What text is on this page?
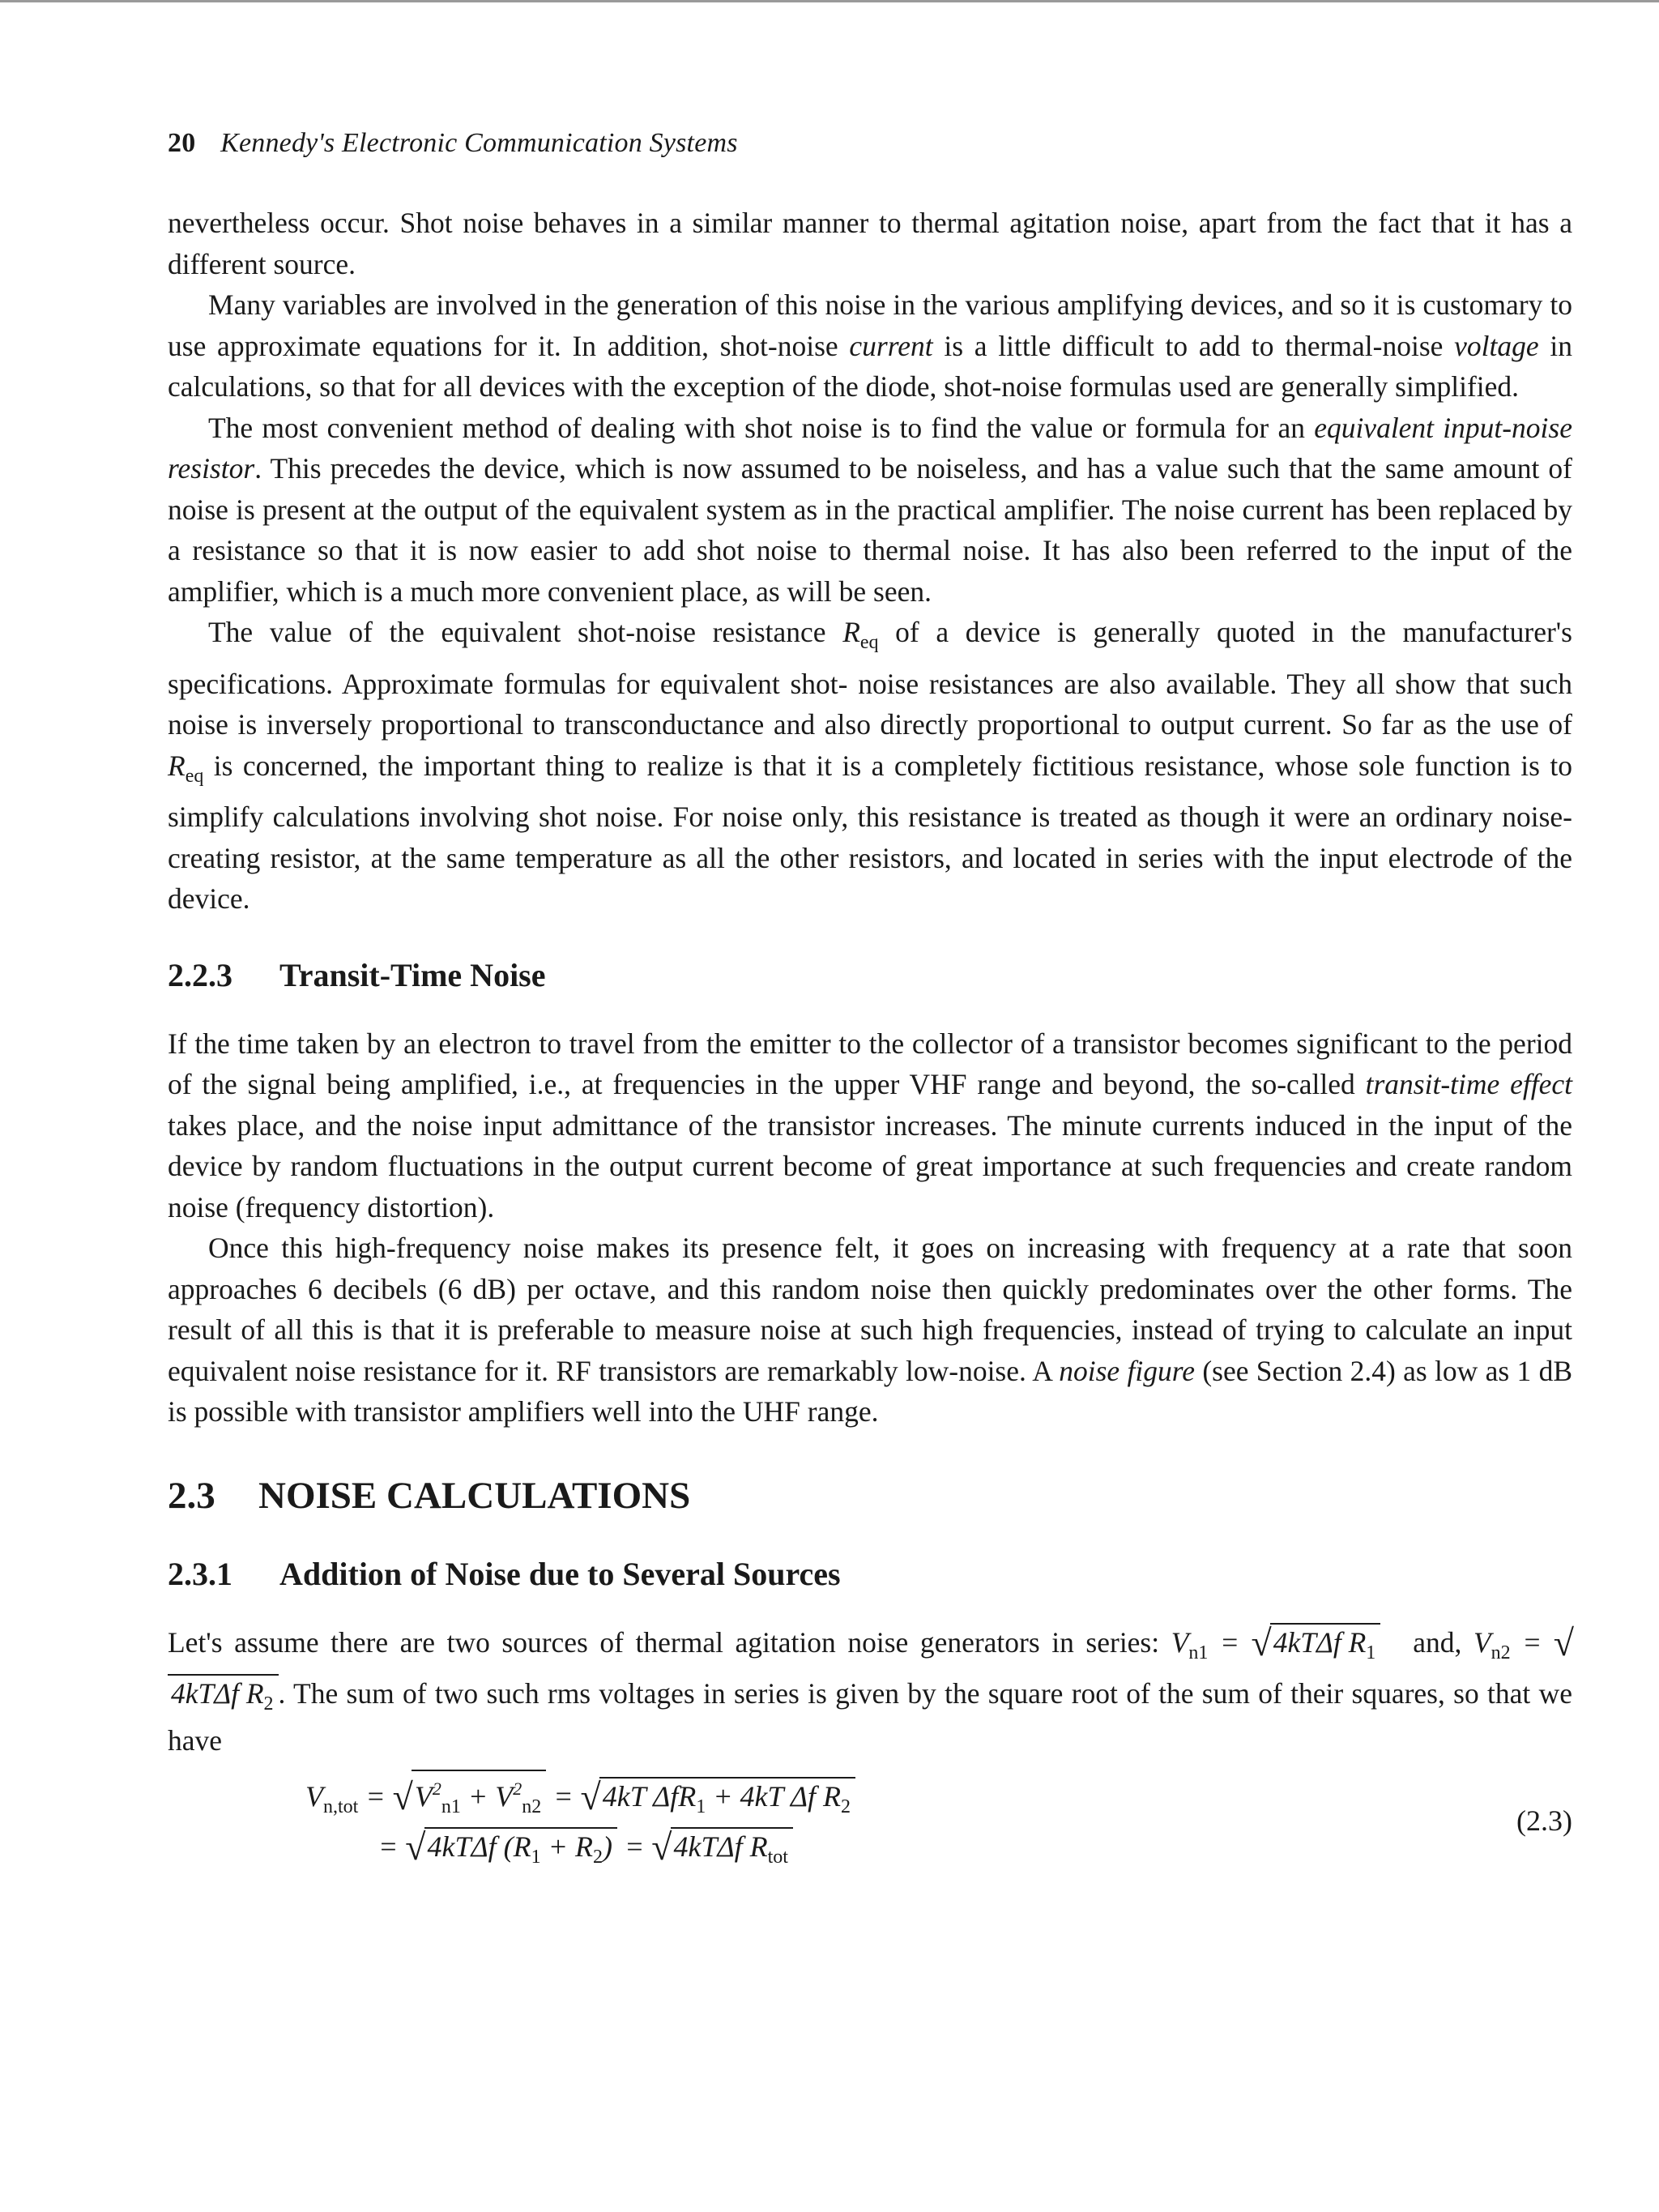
20 Kennedy's Electronic Communication Systems

nevertheless occur. Shot noise behaves in a similar manner to thermal agitation noise, apart from the fact that it has a different source.

Many variables are involved in the generation of this noise in the various amplifying devices, and so it is customary to use approximate equations for it. In addition, shot-noise current is a little difficult to add to thermal-noise voltage in calculations, so that for all devices with the exception of the diode, shot-noise formulas used are generally simplified.

The most convenient method of dealing with shot noise is to find the value or formula for an equivalent input-noise resistor. This precedes the device, which is now assumed to be noiseless, and has a value such that the same amount of noise is present at the output of the equivalent system as in the practical amplifier. The noise current has been replaced by a resistance so that it is now easier to add shot noise to thermal noise. It has also been referred to the input of the amplifier, which is a much more convenient place, as will be seen.

The value of the equivalent shot-noise resistance $R_{eq}$ of a device is generally quoted in the manufacturer's specifications. Approximate formulas for equivalent shot- noise resistances are also available. They all show that such noise is inversely proportional to transconductance and also directly proportional to output current. So far as the use of $R_{eq}$ is concerned, the important thing to realize is that it is a completely fictitious resistance, whose sole function is to simplify calculations involving shot noise. For noise only, this resistance is treated as though it were an ordinary noise-creating resistor, at the same temperature as all the other resistors, and located in series with the input electrode of the device.

2.2.3 Transit-Time Noise

If the time taken by an electron to travel from the emitter to the collector of a transistor becomes significant to the period of the signal being amplified, i.e., at frequencies in the upper VHF range and beyond, the so-called transit-time effect takes place, and the noise input admittance of the transistor increases. The minute currents induced in the input of the device by random fluctuations in the output current become of great importance at such frequencies and create random noise (frequency distortion).

Once this high-frequency noise makes its presence felt, it goes on increasing with frequency at a rate that soon approaches 6 decibels (6 dB) per octave, and this random noise then quickly predominates over the other forms. The result of all this is that it is preferable to measure noise at such high frequencies, instead of trying to calculate an input equivalent noise resistance for it. RF transistors are remarkably low-noise. A noise figure (see Section 2.4) as low as 1 dB is possible with transistor amplifiers well into the UHF range.

2.3 NOISE CALCULATIONS
2.3.1 Addition of Noise due to Several Sources

Let's assume there are two sources of thermal agitation noise generators in series: $V_{n1} = √4kT\Delta f$ $R_1$ and, $V_{n2} = √4kT\Delta f$ $R_2$ . The sum of two such rms voltages in series is given by the square root of the sum of their squares, so that we have

$V_{n,tot} = √V^2_{n1} + V^2_{n2} = √4kT$ ΔfR$_1$ + 4kT Δf $R_2$
= √4kTΔf $(R_1 + R_2) = √4kT\Delta f$ $R_{tot}$
(2.3)
